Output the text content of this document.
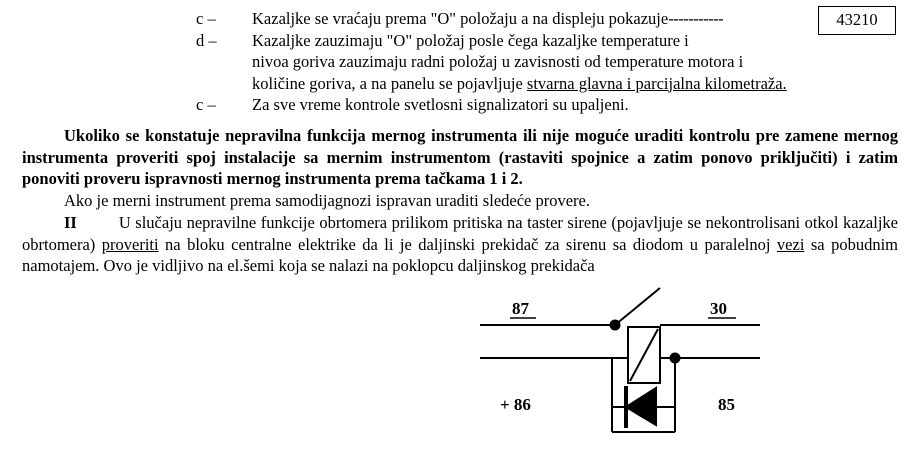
c –	Kazaljke se vraćaju prema "O" položaju a na displeju pokazuje-----------
d –	Kazaljke zauzimaju "O" položaj posle čega kazaljke temperature i
nivoa goriva zauzimaju radni položaj u zavisnosti od temperature motora i
količine goriva, a na panelu se pojavljuje stvarna glavna i parcijalna kilometraža.
c –	Za sve vreme kontrole svetlosni signalizatori su upaljeni.
43210
Ukoliko se konstatuje nepravilna funkcija mernog instrumenta ili nije moguće uraditi kontrolu pre zamene mernog instrumenta proveriti spoj instalacije sa mernim instrumentom (rastaviti spojnice a zatim ponovo priključiti) i zatim ponoviti proveru ispravnosti mernog instrumenta prema tačkama 1 i 2.
Ako je merni instrument prema samodijagnozi ispravan uraditi sledeće provere.
II	U slučaju nepravilne funkcije obrtomera prilikom pritiska na taster sirene (pojavljuje se nekontrolisani otkol kazaljke obrtomera) proveriti na bloku centralne elektrike da li je daljinski prekidač za sirenu sa diodom u paralelnoj vezi sa pobudnim namotajem. Ovo je vidljivo na el.šemi koja se nalazi na poklopcu daljinskog prekidača
87	30
+ 86	85
